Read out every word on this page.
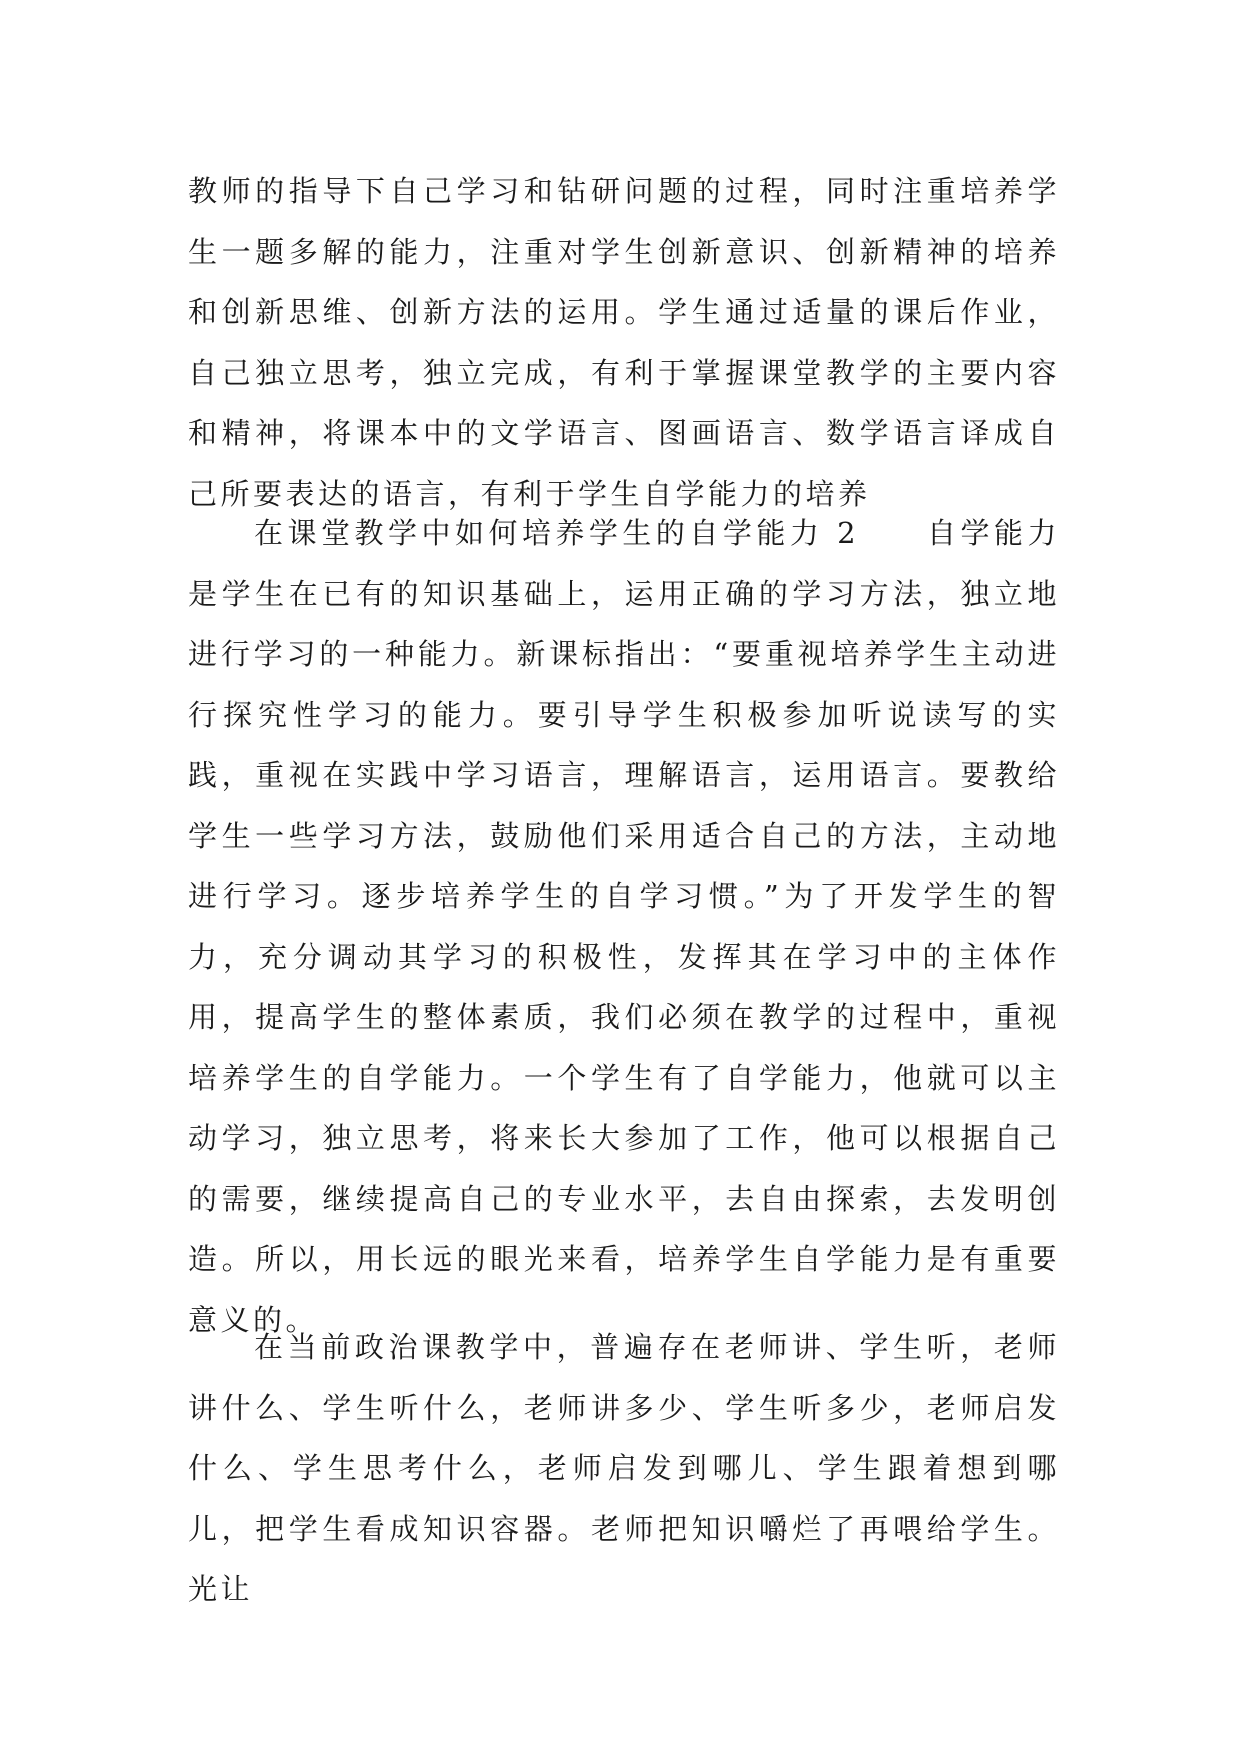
教师的指导下自己学习和钻研问题的过程，同时注重培养学生一题多解的能力，注重对学生创新意识、创新精神的培养和创新思维、创新方法的运用。学生通过适量的课后作业，自己独立思考，独立完成，有利于掌握课堂教学的主要内容和精神，将课本中的文学语言、图画语言、数学语言译成自己所要表达的语言，有利于学生自学能力的培养

在课堂教学中如何培养学生的自学能力 2　　自学能力是学生在已有的知识基础上，运用正确的学习方法，独立地进行学习的一种能力。新课标指出：“要重视培养学生主动进行探究性学习的能力。要引导学生积极参加听说读写的实践，重视在实践中学习语言，理解语言，运用语言。要教给学生一些学习方法，鼓励他们采用适合自己的方法，主动地进行学习。逐步培养学生的自学习惯。”为了开发学生的智力，充分调动其学习的积极性，发挥其在学习中的主体作用，提高学生的整体素质，我们必须在教学的过程中，重视培养学生的自学能力。一个学生有了自学能力，他就可以主动学习，独立思考，将来长大参加了工作，他可以根据自己的需要，继续提高自己的专业水平，去自由探索，去发明创造。所以，用长远的眼光来看，培养学生自学能力是有重要意义的。

在当前政治课教学中，普遍存在老师讲、学生听，老师讲什么、学生听什么，老师讲多少、学生听多少，老师启发什么、学生思考什么，老师启发到哪儿、学生跟着想到哪儿，把学生看成知识容器。老师把知识嚼烂了再喂给学生。光让
